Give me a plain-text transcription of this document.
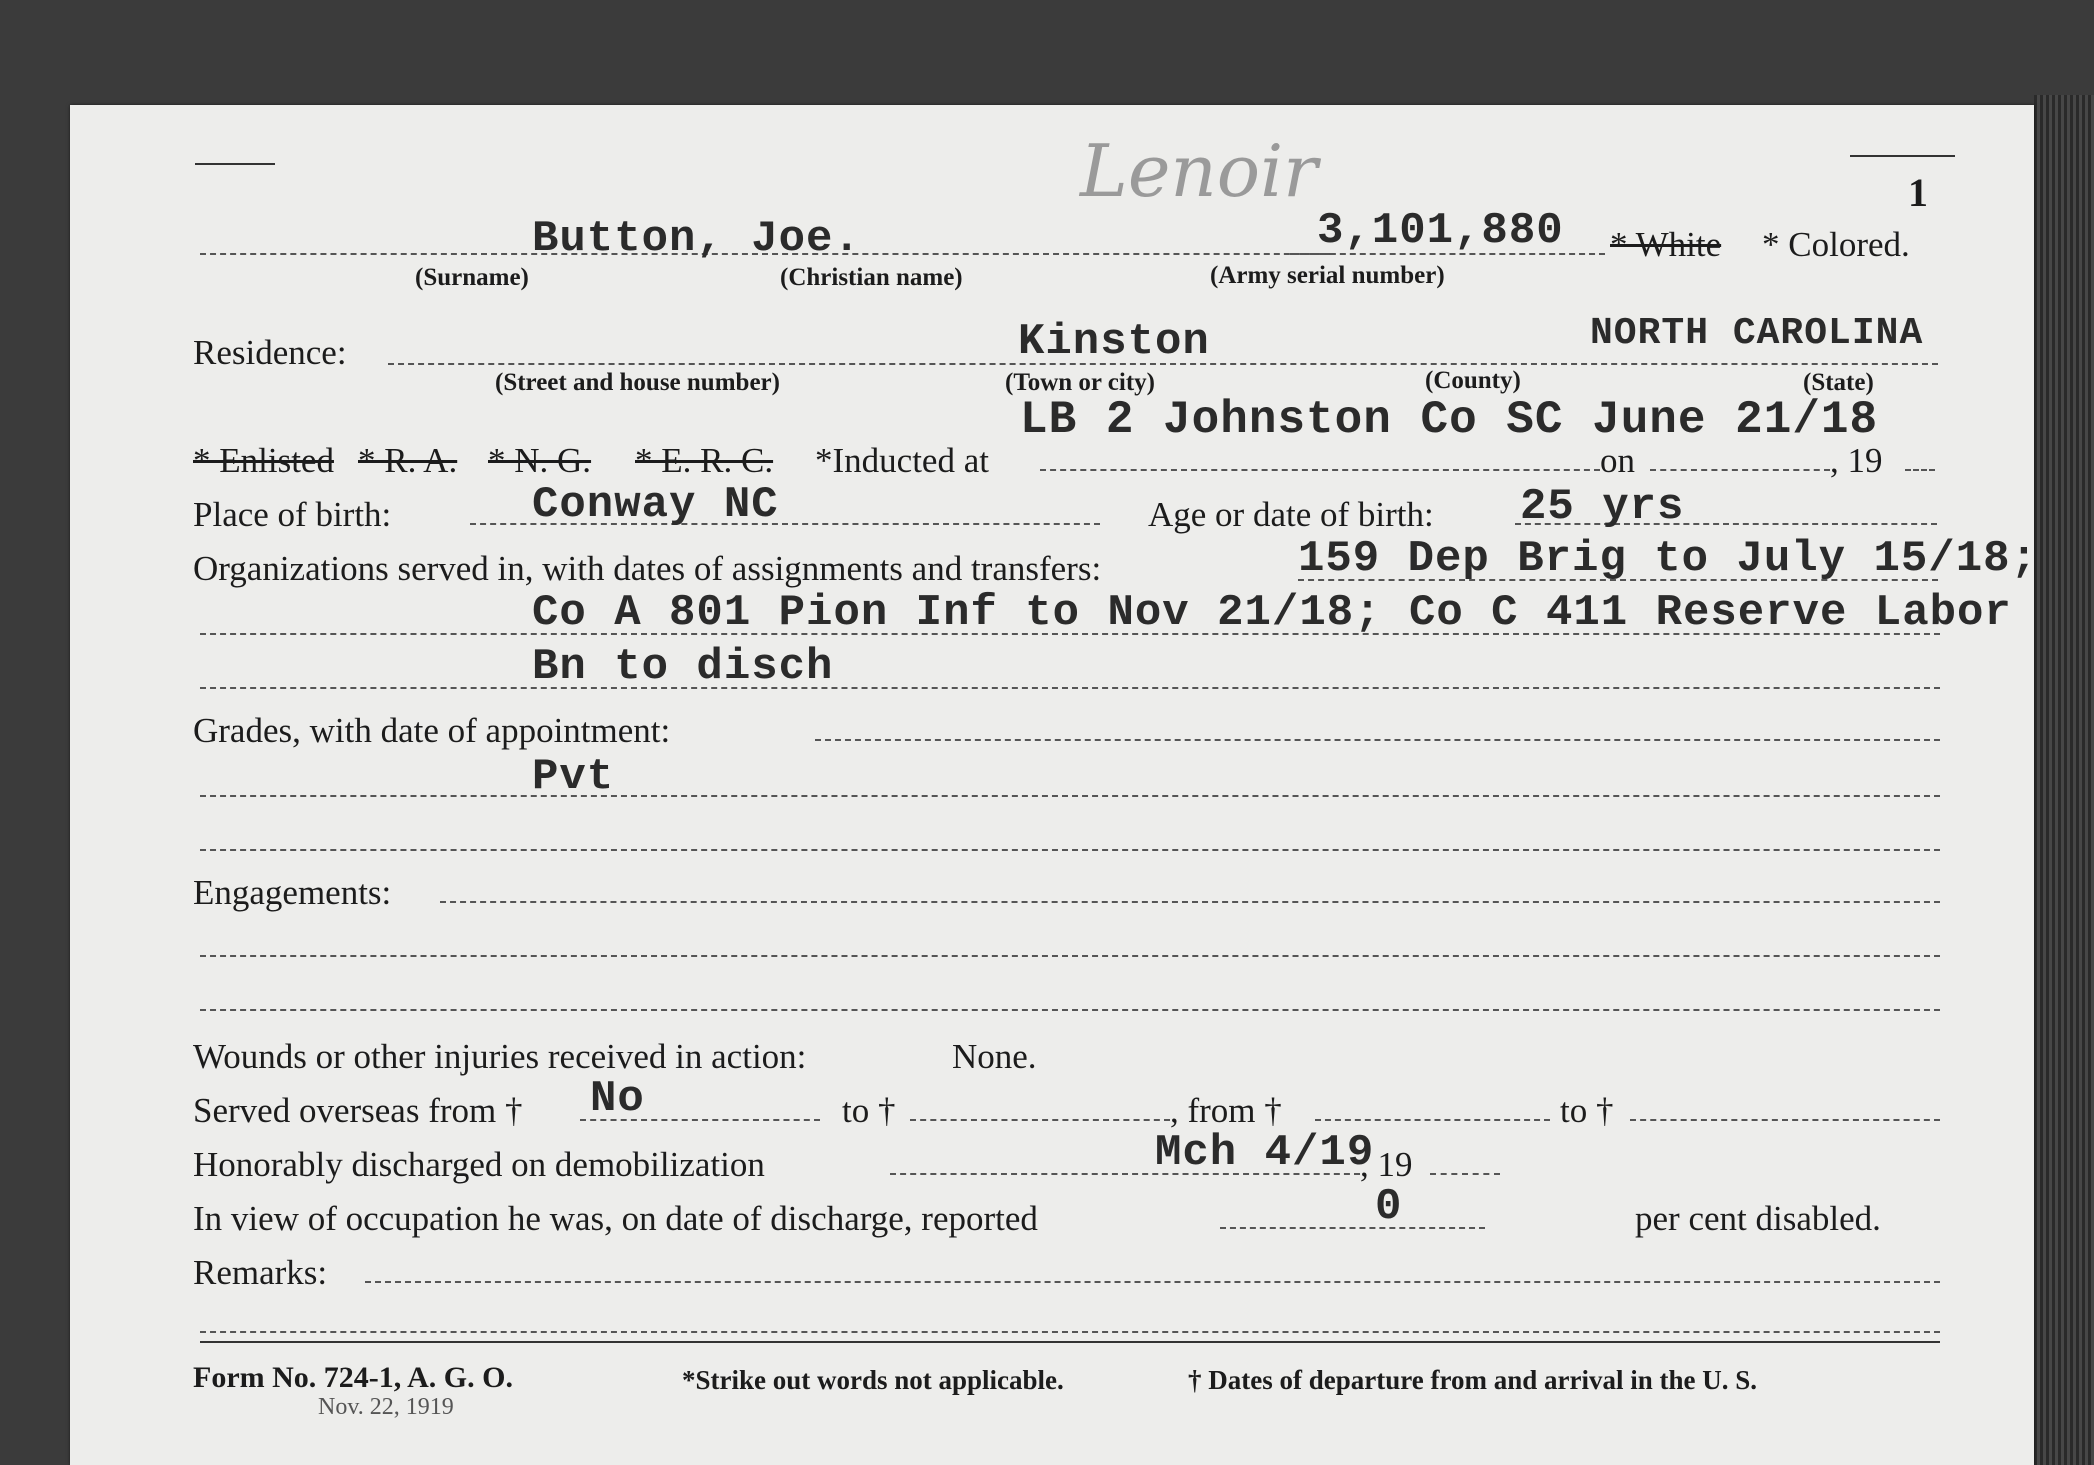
Lenoir	1
Button, Joe.	3,101,880 * White * Colored.
(Surname)	(Christian name)	(Army serial number)
Residence:	Kinston	NORTH CAROLINA
(Street and house number)	(Town or city)	(County)	(State)
LB 2 Johnston Co SC June 21/18
* Enlisted * R. A. * N. G. * E. R. C. *Inducted at	on	, 19
Place of birth:	Conway NC	Age or date of birth: 25 yrs
Organizations served in, with dates of assignments and transfers:	159 Dep Brig to July 15/18;
Co A 801 Pion Inf to Nov 21/18; Co C 411 Reserve Labor
Bn to disch
Grades, with date of appointment:
Pvt
Engagements:
Wounds or other injuries received in action:	None.
Served overseas from † No	to †	, from †	to †
Honorably discharged on demobilization	Mch 4/19
, 19
In view of occupation he was, on date of discharge, reported	0	per cent disabled.
Remarks:
Form No. 724-1, A. G. O.
Nov. 22, 1919
*Strike out words not applicable.	† Dates of departure from and arrival in the U. S.
